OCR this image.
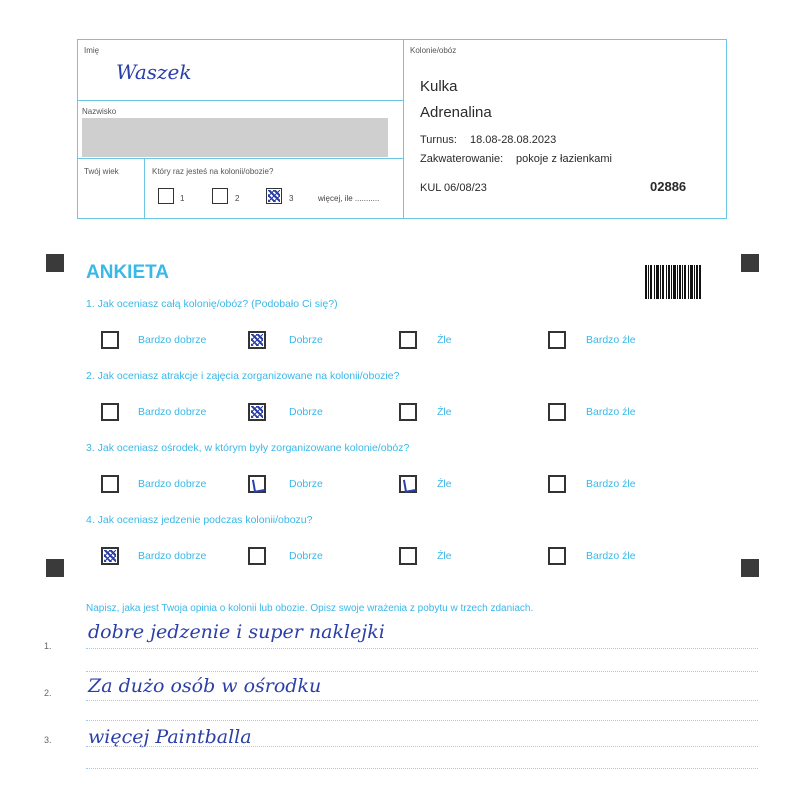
Imię
Waszek
Nazwisko
Twój wiek	Który raz jesteś na kolonii/obozie?
1	2	3	więcej, ile ...........
Kolonie/obóz
Kulka
Adrenalina
Turnus: 18.08-28.08.2023
Zakwaterowanie: pokoje z łazienkami
KUL 06/08/23	02886
ANKIETA
1. Jak oceniasz całą kolonię/obóz? (Podobało Ci się?)
Bardzo dobrze	Dobrze	Źle	Bardzo źle
2. Jak oceniasz atrakcje i zajęcia zorganizowane na kolonii/obozie?
Bardzo dobrze	Dobrze	Źle	Bardzo źle
3. Jak oceniasz ośrodek, w którym były zorganizowane kolonie/obóz?
Bardzo dobrze	Dobrze	Źle	Bardzo źle
4. Jak oceniasz jedzenie podczas kolonii/obozu?
Bardzo dobrze	Dobrze	Źle	Bardzo źle
Napisz, jaka jest Twoja opinia o kolonii lub obozie. Opisz swoje wrażenia z pobytu w trzech zdaniach.
1.
dobre jedzenie i super naklejki
2. Za dużo osób w ośrodku
3. więcej Paintballa
